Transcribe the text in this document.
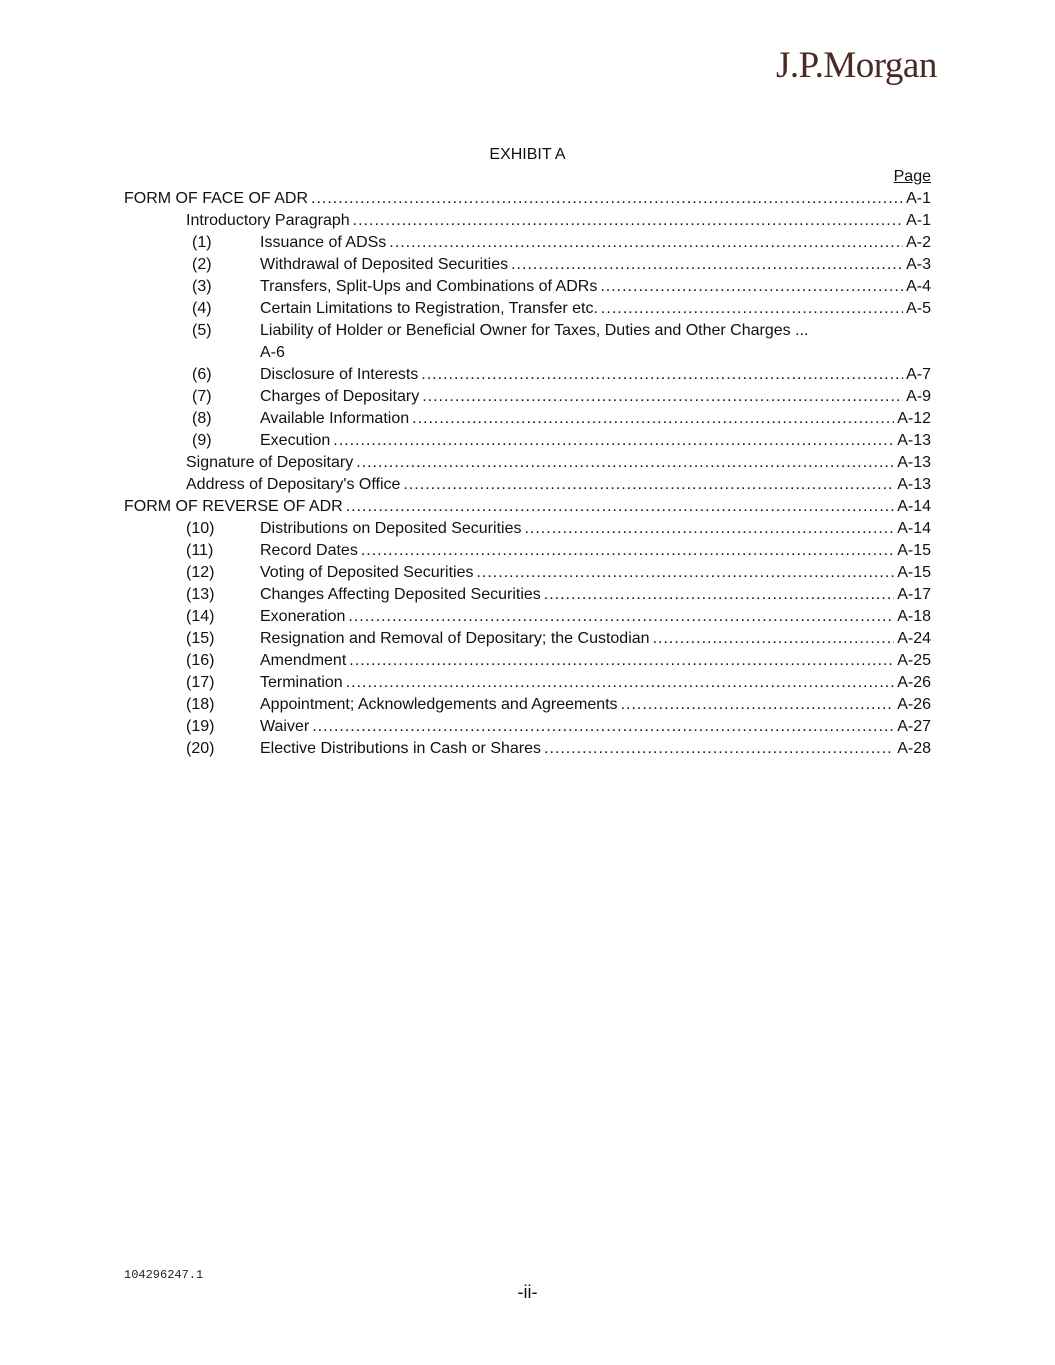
J.P.Morgan
EXHIBIT A
Page
FORM OF FACE OF ADR .....	A-1
Introductory Paragraph .....	A-1
(1)	Issuance of ADSs .....	A-2
(2)	Withdrawal of Deposited Securities .....	A-3
(3)	Transfers, Split-Ups and Combinations of ADRs .....	A-4
(4)	Certain Limitations to Registration, Transfer etc. .....	A-5
(5)	Liability of Holder or Beneficial Owner for Taxes, Duties and Other Charges ...
A-6
(6)	Disclosure of Interests .....	A-7
(7)	Charges of Depositary .....	A-9
(8)	Available Information .....	A-12
(9)	Execution .....	A-13
Signature of Depositary .....	A-13
Address of Depositary's Office .....	A-13
FORM OF REVERSE OF ADR .....	A-14
(10)	Distributions on Deposited Securities .....	A-14
(11)	Record Dates .....	A-15
(12)	Voting of Deposited Securities .....	A-15
(13)	Changes Affecting Deposited Securities .....	A-17
(14)	Exoneration .....	A-18
(15)	Resignation and Removal of Depositary; the Custodian .....	A-24
(16)	Amendment .....	A-25
(17)	Termination .....	A-26
(18)	Appointment; Acknowledgements and Agreements .....	A-26
(19)	Waiver .....	A-27
(20)	Elective Distributions in Cash or Shares .....	A-28
104296247.1
-ii-
